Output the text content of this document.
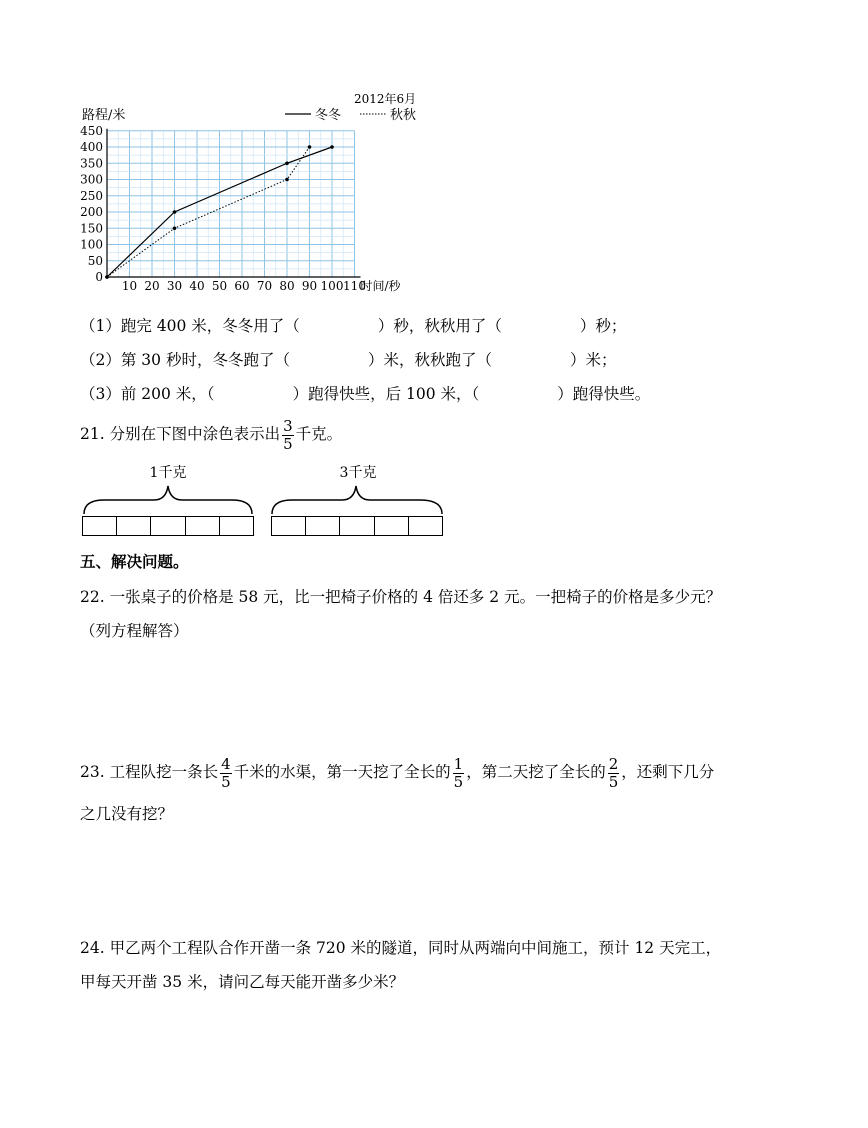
10 20 30 40 50 60 70 80 90 100 110
0
50
100
150
200
250
300
350
400
450
路程/米
时间/秒
2012年6月
冬冬	秋秋
（1）跑完 400 米，冬冬用了（	）秒，秋秋用了（	）秒；
（2）第 30 秒时，冬冬跑了（	）米，秋秋跑了（	）米；
（3）前 200 米，（	）跑得快些，后 100 米，（	）跑得快些。
21. 分别在下图中涂色表示出 $\frac{3}{5}$ 千克。
1千克	3千克
五、解决问题。
22. 一张桌子的价格是 58 元，比一把椅子价格的 4 倍还多 2 元。一把椅子的价格是多少元？
（列方程解答）
23. 工程队挖一条长 $\frac{4}{5}$ 千米的水渠，第一天挖了全长的 $\frac{1}{5}$ ，第二天挖了全长的 $\frac{2}{5}$ ，还剩下几分
之几没有挖？
24. 甲乙两个工程队合作开凿一条 720 米的隧道，同时从两端向中间施工，预计 12 天完工，
甲每天开凿 35 米，请问乙每天能开凿多少米？
